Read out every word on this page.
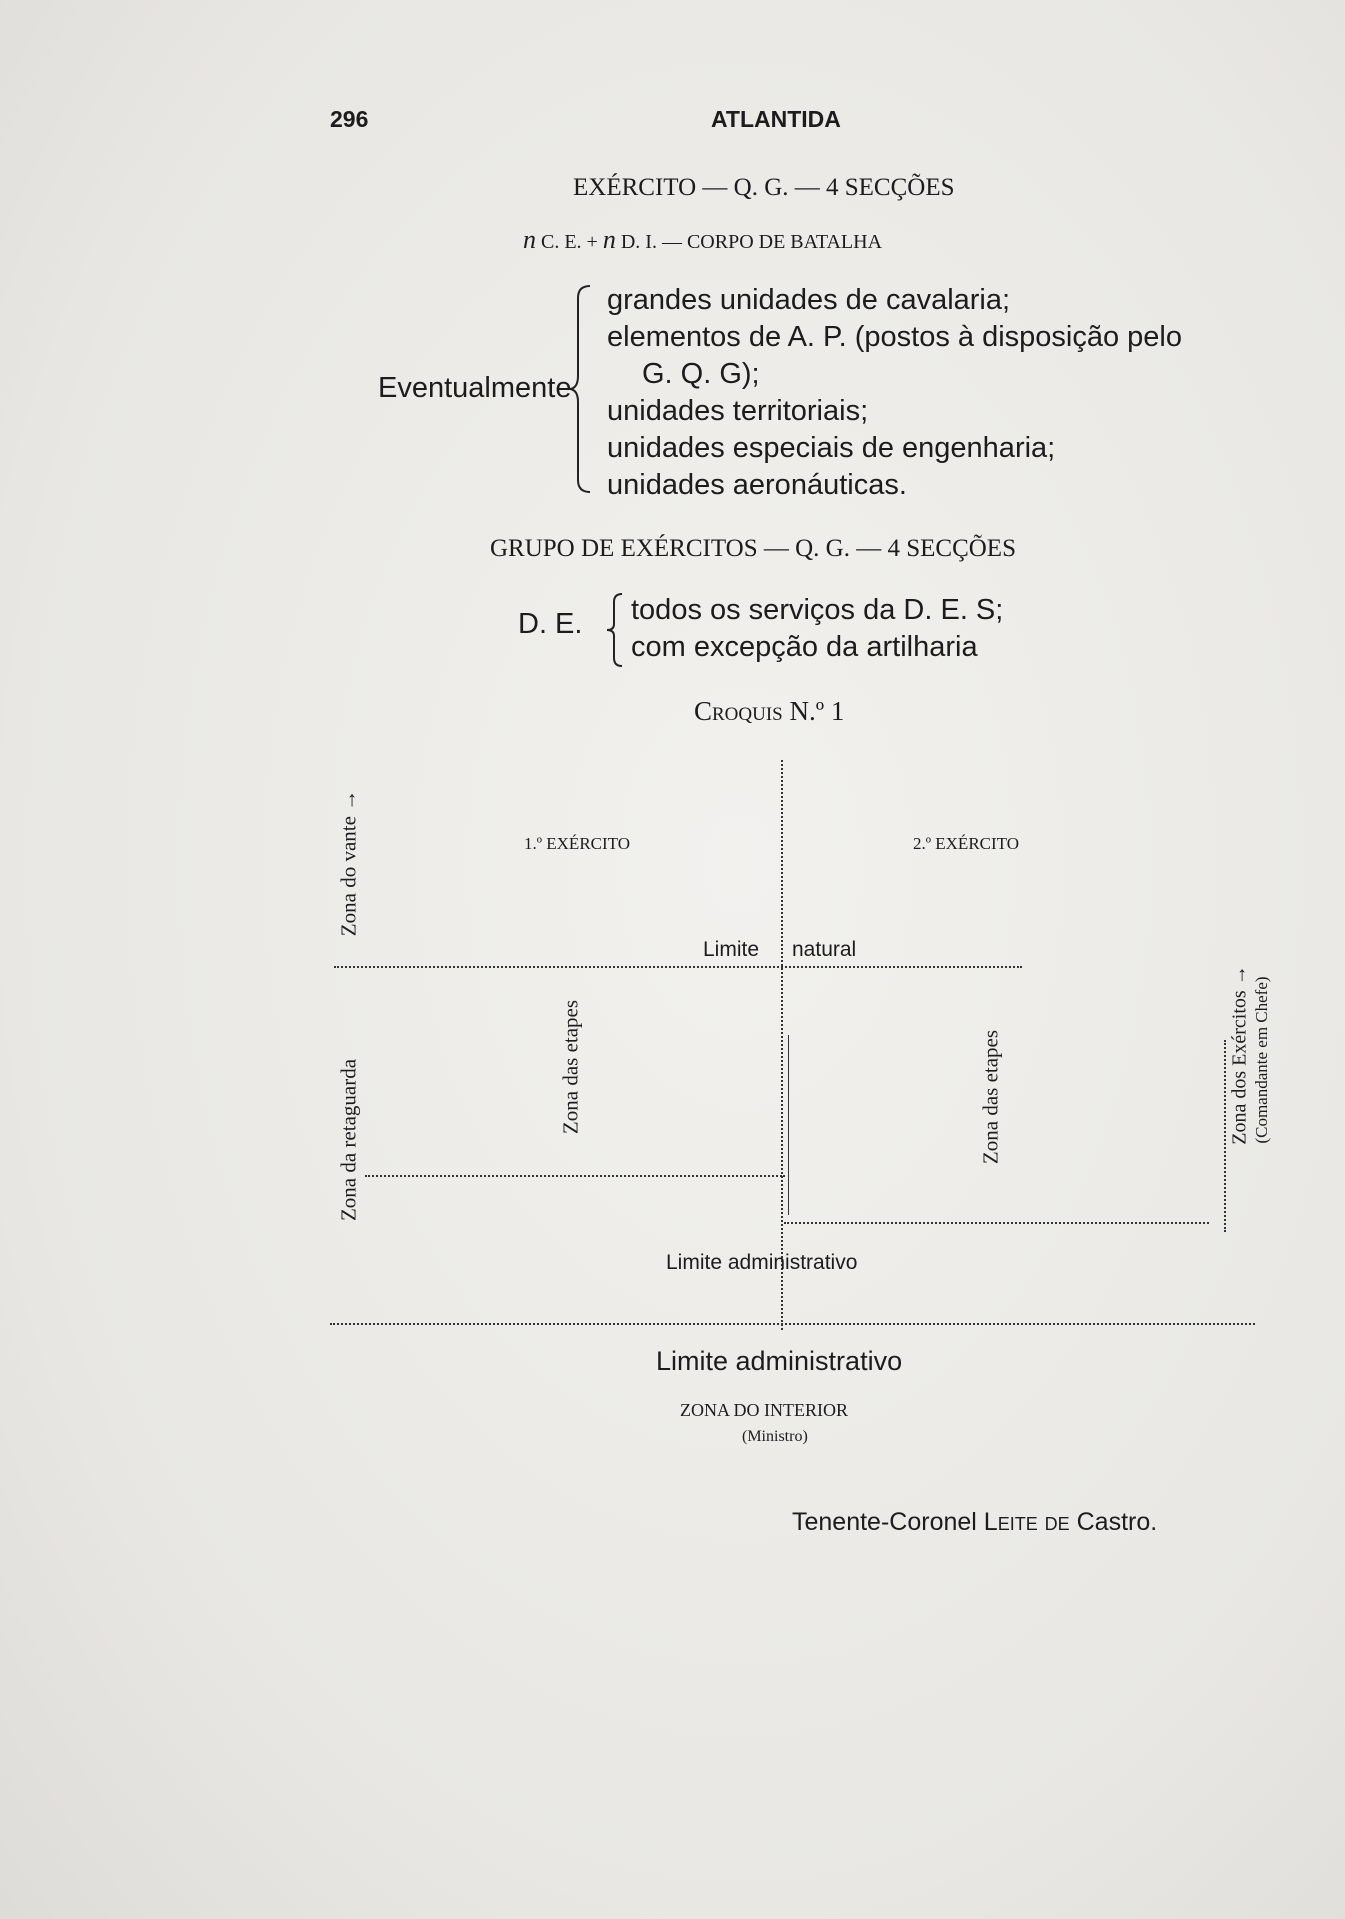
296	ATLANTIDA
EXÉRCITO — Q. G. — 4 SECÇÕES
n C. E. + n D. I. — CORPO DE BATALHA
Eventualmente
grandes unidades de cavalaria;
elementos de A. P. (postos à disposição pelo
G. Q. G);
unidades territoriais;
unidades especiais de engenharia;
unidades aeronáuticas.
GRUPO DE EXÉRCITOS — Q. G. — 4 SECÇÕES
D. E. todos os serviços da D. E. S;
com excepção da artilharia
Croquis N.º 1
Zona do vante →
Zona da retaguarda	Zona das etapes	Zona das etapes	Zona dos Exércitos →
(Comandante em Chefe)
1.º EXÉRCITO	2.º EXÉRCITO
Limite natural
Limite administrativo
Limite administrativo
ZONA DO INTERIOR
(Ministro)
Tenente-Coronel Leite de Castro.
